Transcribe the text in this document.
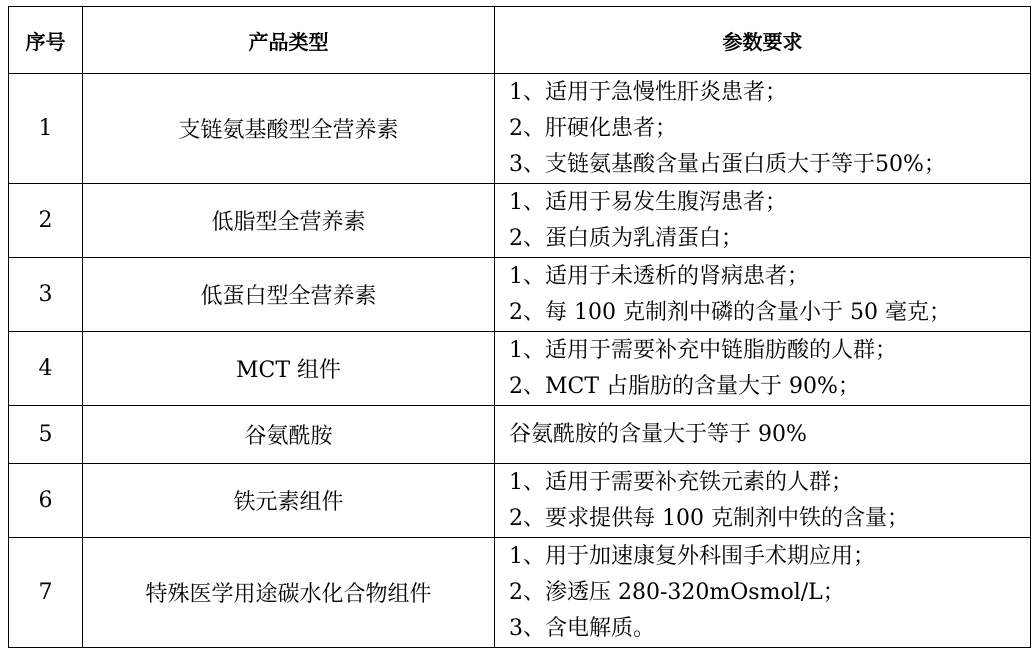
序号	产品类型	参数要求
1	支链氨基酸型全营养素	1、适用于急慢性肝炎患者；
2、肝硬化患者；
3、支链氨基酸含量占蛋白质大于等于50%；

2	低脂型全营养素	1、适用于易发生腹泻患者；
2、蛋白质为乳清蛋白；

3	低蛋白型全营养素	1、适用于未透析的肾病患者；
2、每 100 克制剂中磷的含量小于 50 毫克；

4	MCT 组件	1、适用于需要补充中链脂肪酸的人群；
2、MCT 占脂肪的含量大于 90%；

5	谷氨酰胺	谷氨酰胺的含量大于等于 90%

6	铁元素组件	1、适用于需要补充铁元素的人群；
2、要求提供每 100 克制剂中铁的含量；

7	特殊医学用途碳水化合物组件	1、用于加速康复外科围手术期应用；
2、渗透压 280-320mOsmol/L；
3、含电解质。
